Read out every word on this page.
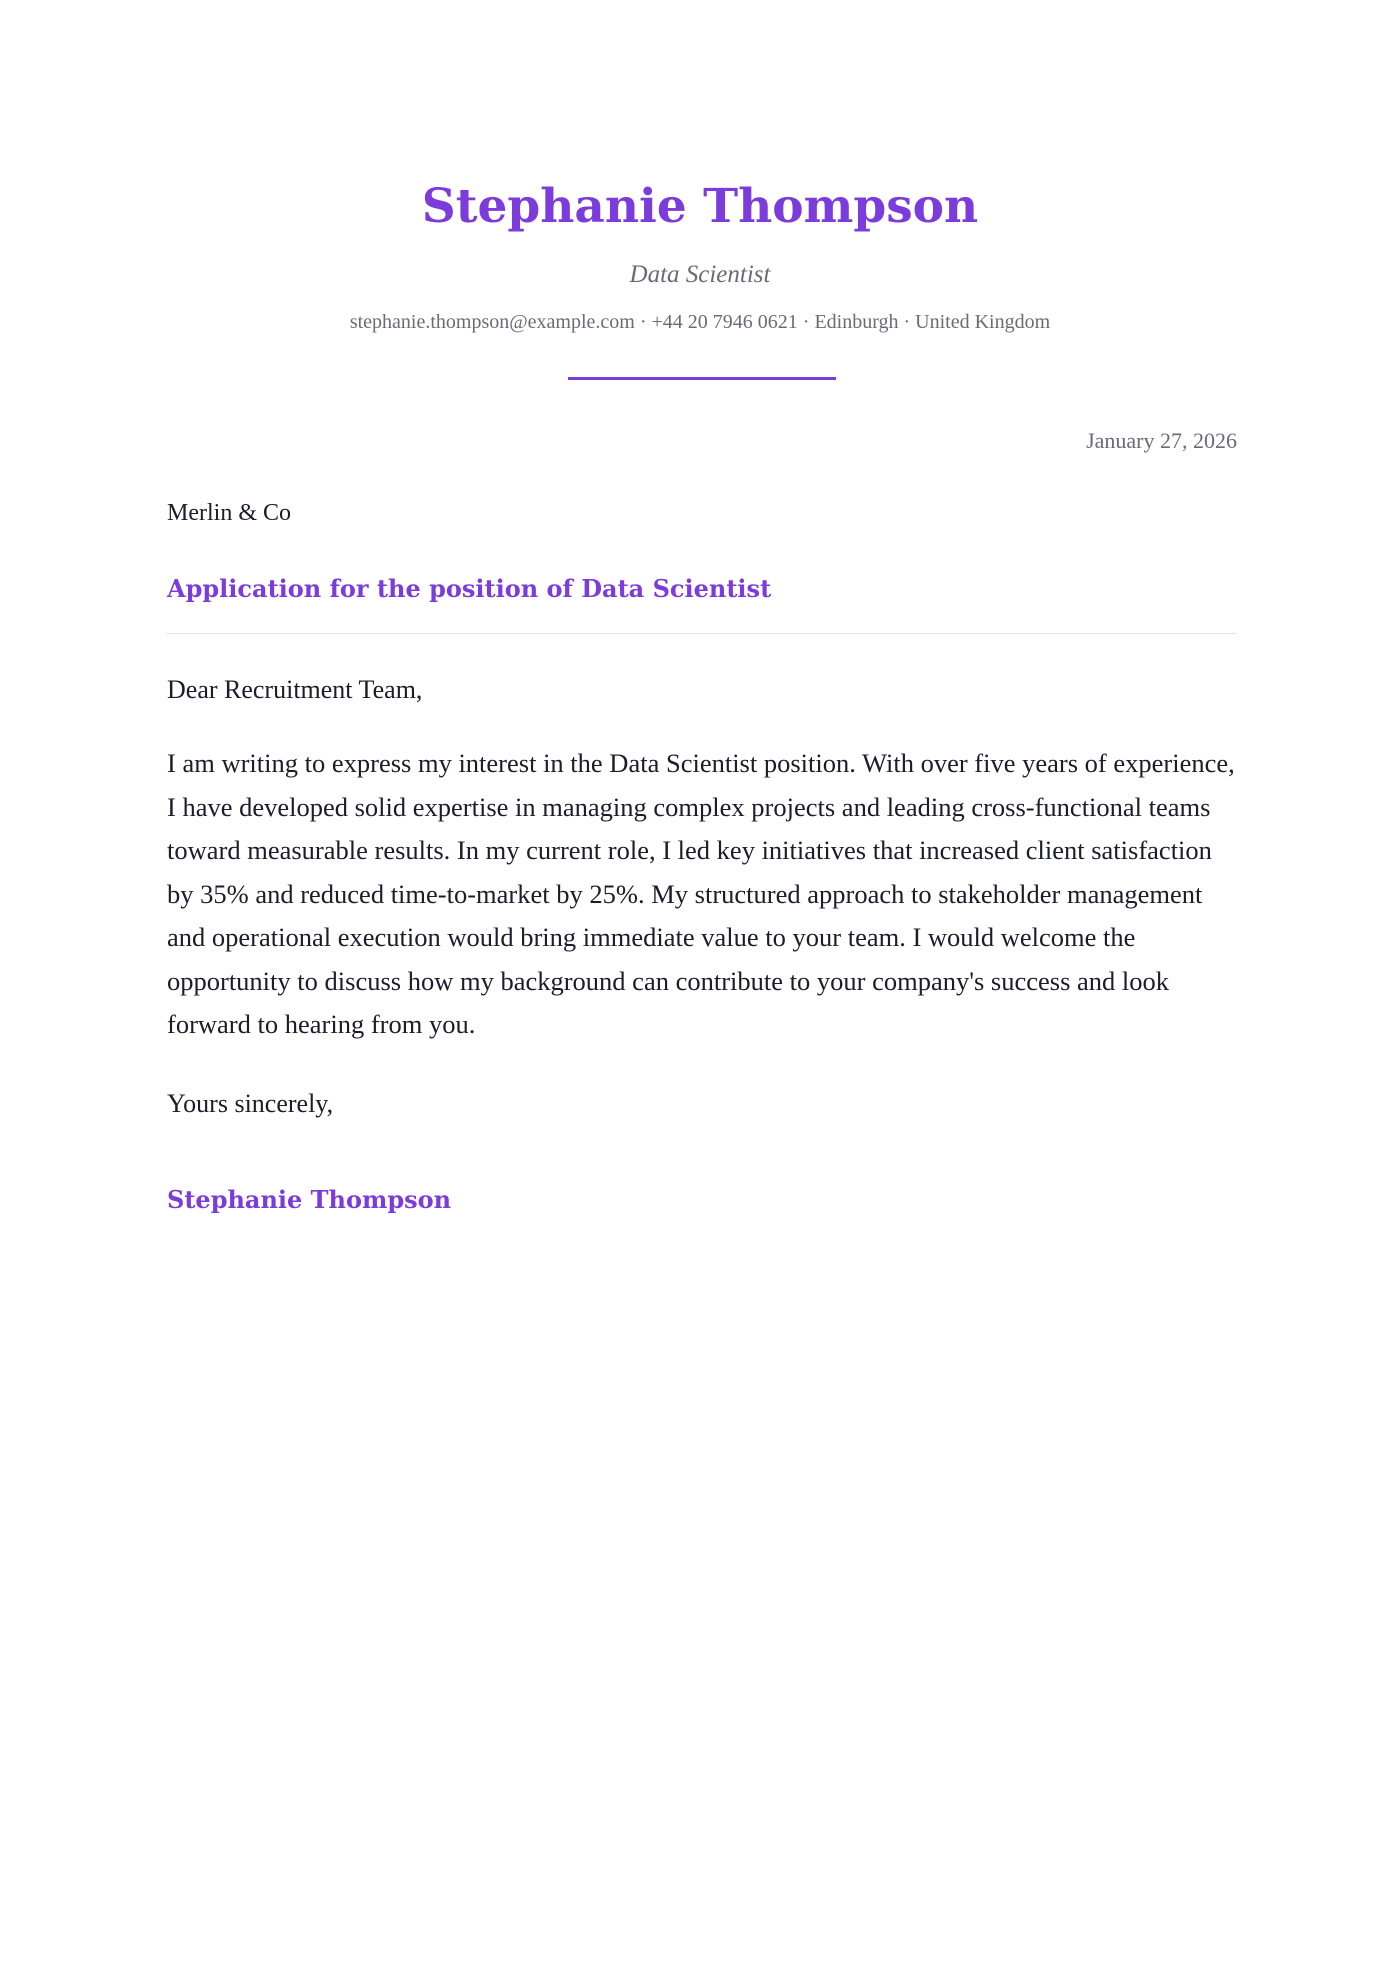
Stephanie Thompson
Data Scientist
stephanie.thompson@example.com · +44 20 7946 0621 · Edinburgh · United Kingdom
January 27, 2026
Merlin & Co
Application for the position of Data Scientist
Dear Recruitment Team,

I am writing to express my interest in the Data Scientist position. With over five years of experience, I have developed solid expertise in managing complex projects and leading cross-functional teams toward measurable results. In my current role, I led key initiatives that increased client satisfaction by 35% and reduced time-to-market by 25%. My structured approach to stakeholder management and operational execution would bring immediate value to your team. I would welcome the opportunity to discuss how my background can contribute to your company's success and look forward to hearing from you.

Yours sincerely,
Stephanie Thompson
